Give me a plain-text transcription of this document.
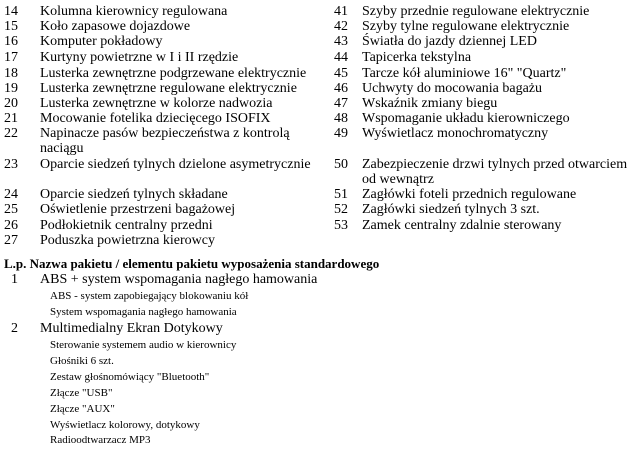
14 Kolumna kierownicy regulowana
15 Koło zapasowe dojazdowe
16 Komputer pokładowy
17 Kurtyny powietrzne w I i II rzędzie
18 Lusterka zewnętrzne podgrzewane elektrycznie
19 Lusterka zewnętrzne regulowane elektrycznie
20 Lusterka zewnętrzne w kolorze nadwozia
21 Mocowanie fotelika dziecięcego ISOFIX
22 Napinacze pasów bezpieczeństwa z kontrolą naciągu
23 Oparcie siedzeń tylnych dzielone asymetrycznie
24 Oparcie siedzeń tylnych składane
25 Oświetlenie przestrzeni bagażowej
26 Podłokietnik centralny przedni
27 Poduszka powietrzna kierowcy
41 Szyby przednie regulowane elektrycznie
42 Szyby tylne regulowane elektrycznie
43 Światła do jazdy dziennej LED
44 Tapicerka tekstylna
45 Tarcze kół aluminiowe 16" "Quartz"
46 Uchwyty do mocowania bagażu
47 Wskaźnik zmiany biegu
48 Wspomaganie układu kierowniczego
49 Wyświetlacz monochromatyczny
50 Zabezpieczenie drzwi tylnych przed otwarciem od wewnątrz
51 Zagłówki foteli przednich regulowane
52 Zagłówki siedzeń tylnych 3 szt.
53 Zamek centralny zdalnie sterowany
L.p. Nazwa pakietu / elementu pakietu wyposażenia standardowego
1 ABS + system wspomagania nagłego hamowania
ABS - system zapobiegający blokowaniu kół
System wspomagania nagłego hamowania
2 Multimedialny Ekran Dotykowy
Sterowanie systemem audio w kierownicy
Głośniki 6 szt.
Zestaw głośnomówiący "Bluetooth"
Złącze "USB"
Złącze "AUX"
Wyświetlacz kolorowy, dotykowy
Radioodtwarzacz MP3
